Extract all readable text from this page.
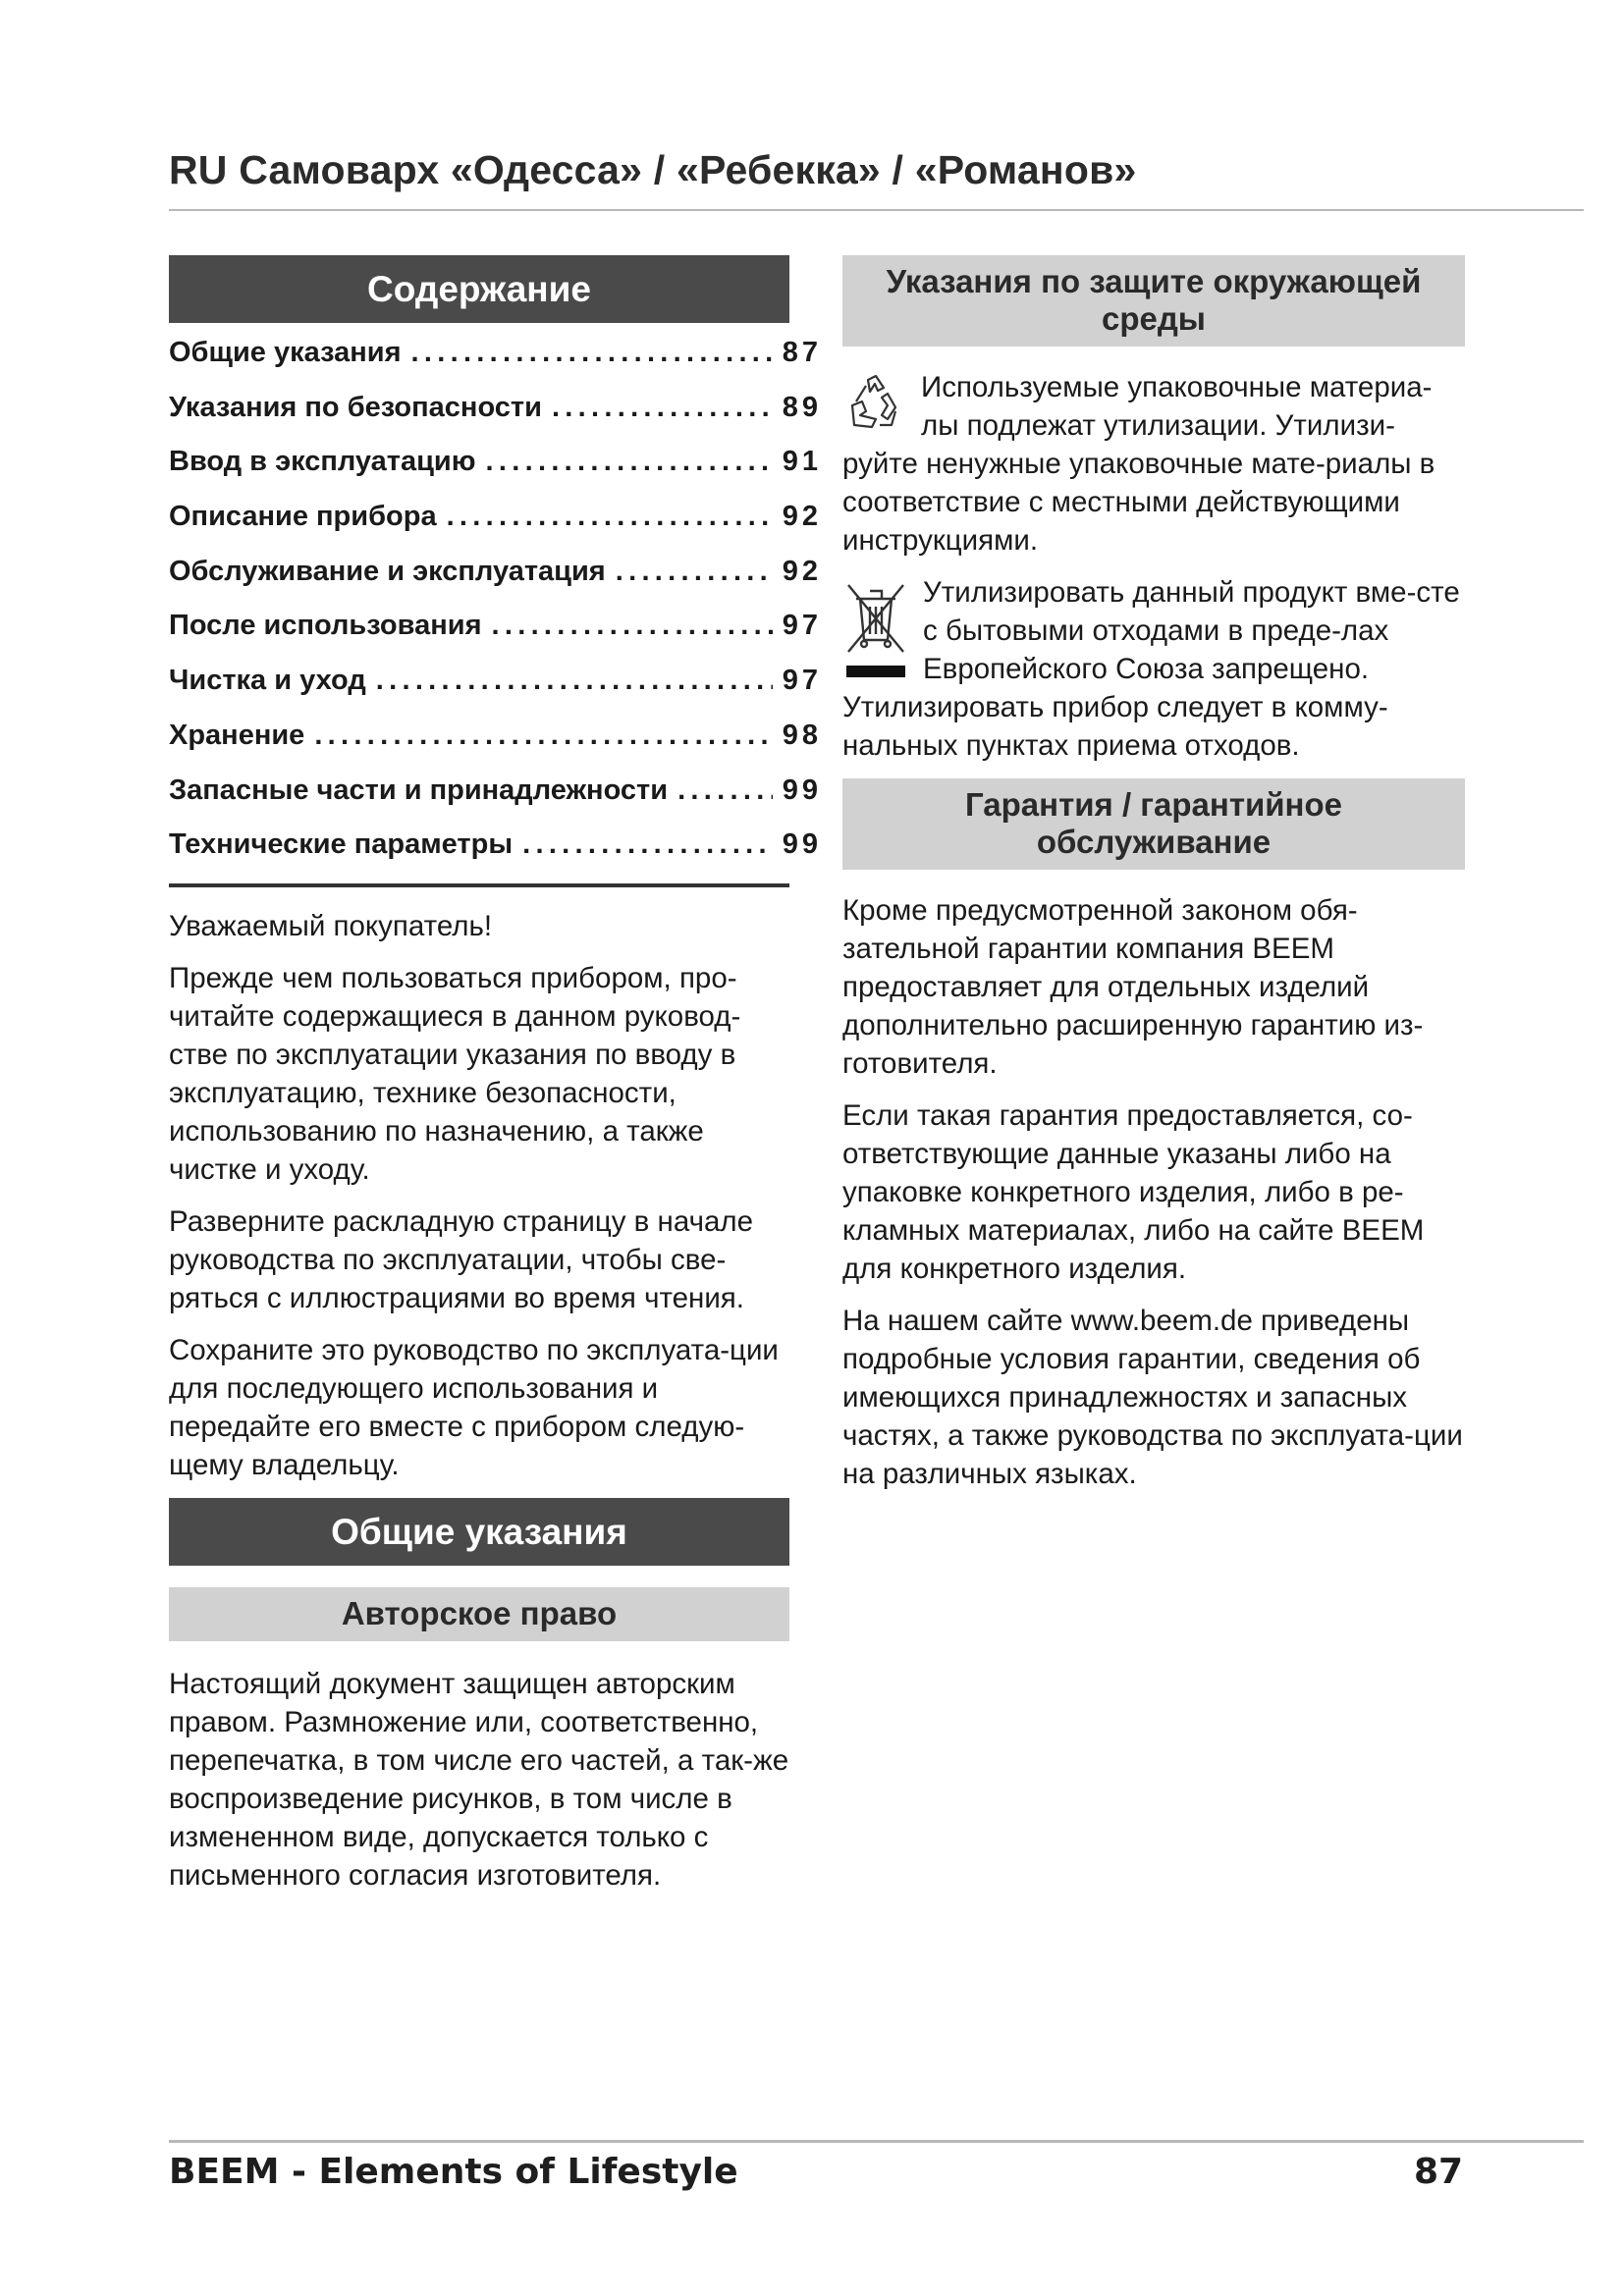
RU Самоварх «Одесса» / «Ребекка» / «Романов»
Содержание
Общие указания .....	87
Указания по безопасности .....	89
Ввод в эксплуатацию .....	91
Описание прибора .....	92
Обслуживание и эксплуатация .....	92
После использования .....	97
Чистка и уход .....	97
Хранение .....	98
Запасные части и принадлежности .....	99
Технические параметры .....	99

Уважаемый покупатель!

Прежде чем пользоваться прибором, про-читайте содержащиеся в данном руковод-стве по эксплуатации указания по вводу в эксплуатацию, технике безопасности, использованию по назначению, а также чистке и уходу.

Разверните раскладную страницу в начале руководства по эксплуатации, чтобы све-ряться с иллюстрациями во время чтения.

Сохраните это руководство по эксплуата-ции для последующего использования и передайте его вместе с прибором следую-щему владельцу.

Общие указания
Авторское право

Настоящий документ защищен авторским правом. Размножение или, соответственно, перепечатка, в том числе его частей, а так-же воспроизведение рисунков, в том числе в измененном виде, допускается только с письменного согласия изготовителя.

Указания по защите окружающей среды

Используемые упаковочные материа-лы подлежат утилизации. Утилизи-руйте ненужные упаковочные мате-риалы в соответствие с местными действующими инструкциями.

Утилизировать данный продукт вме-сте с бытовыми отходами в преде-лах Европейского Союза запрещено. Утилизировать прибор следует в комму-нальных пунктах приема отходов.

Гарантия / гарантийное обслуживание

Кроме предусмотренной законом обя-зательной гарантии компания BEEM предоставляет для отдельных изделий дополнительно расширенную гарантию из-готовителя.

Если такая гарантия предоставляется, со-ответствующие данные указаны либо на упаковке конкретного изделия, либо в ре-кламных материалах, либо на сайте BEEM для конкретного изделия.

На нашем сайте www.beem.de приведены подробные условия гарантии, сведения об имеющихся принадлежностях и запасных частях, а также руководства по эксплуата-ции на различных языках.

BEEM - Elements of Lifestyle	87
